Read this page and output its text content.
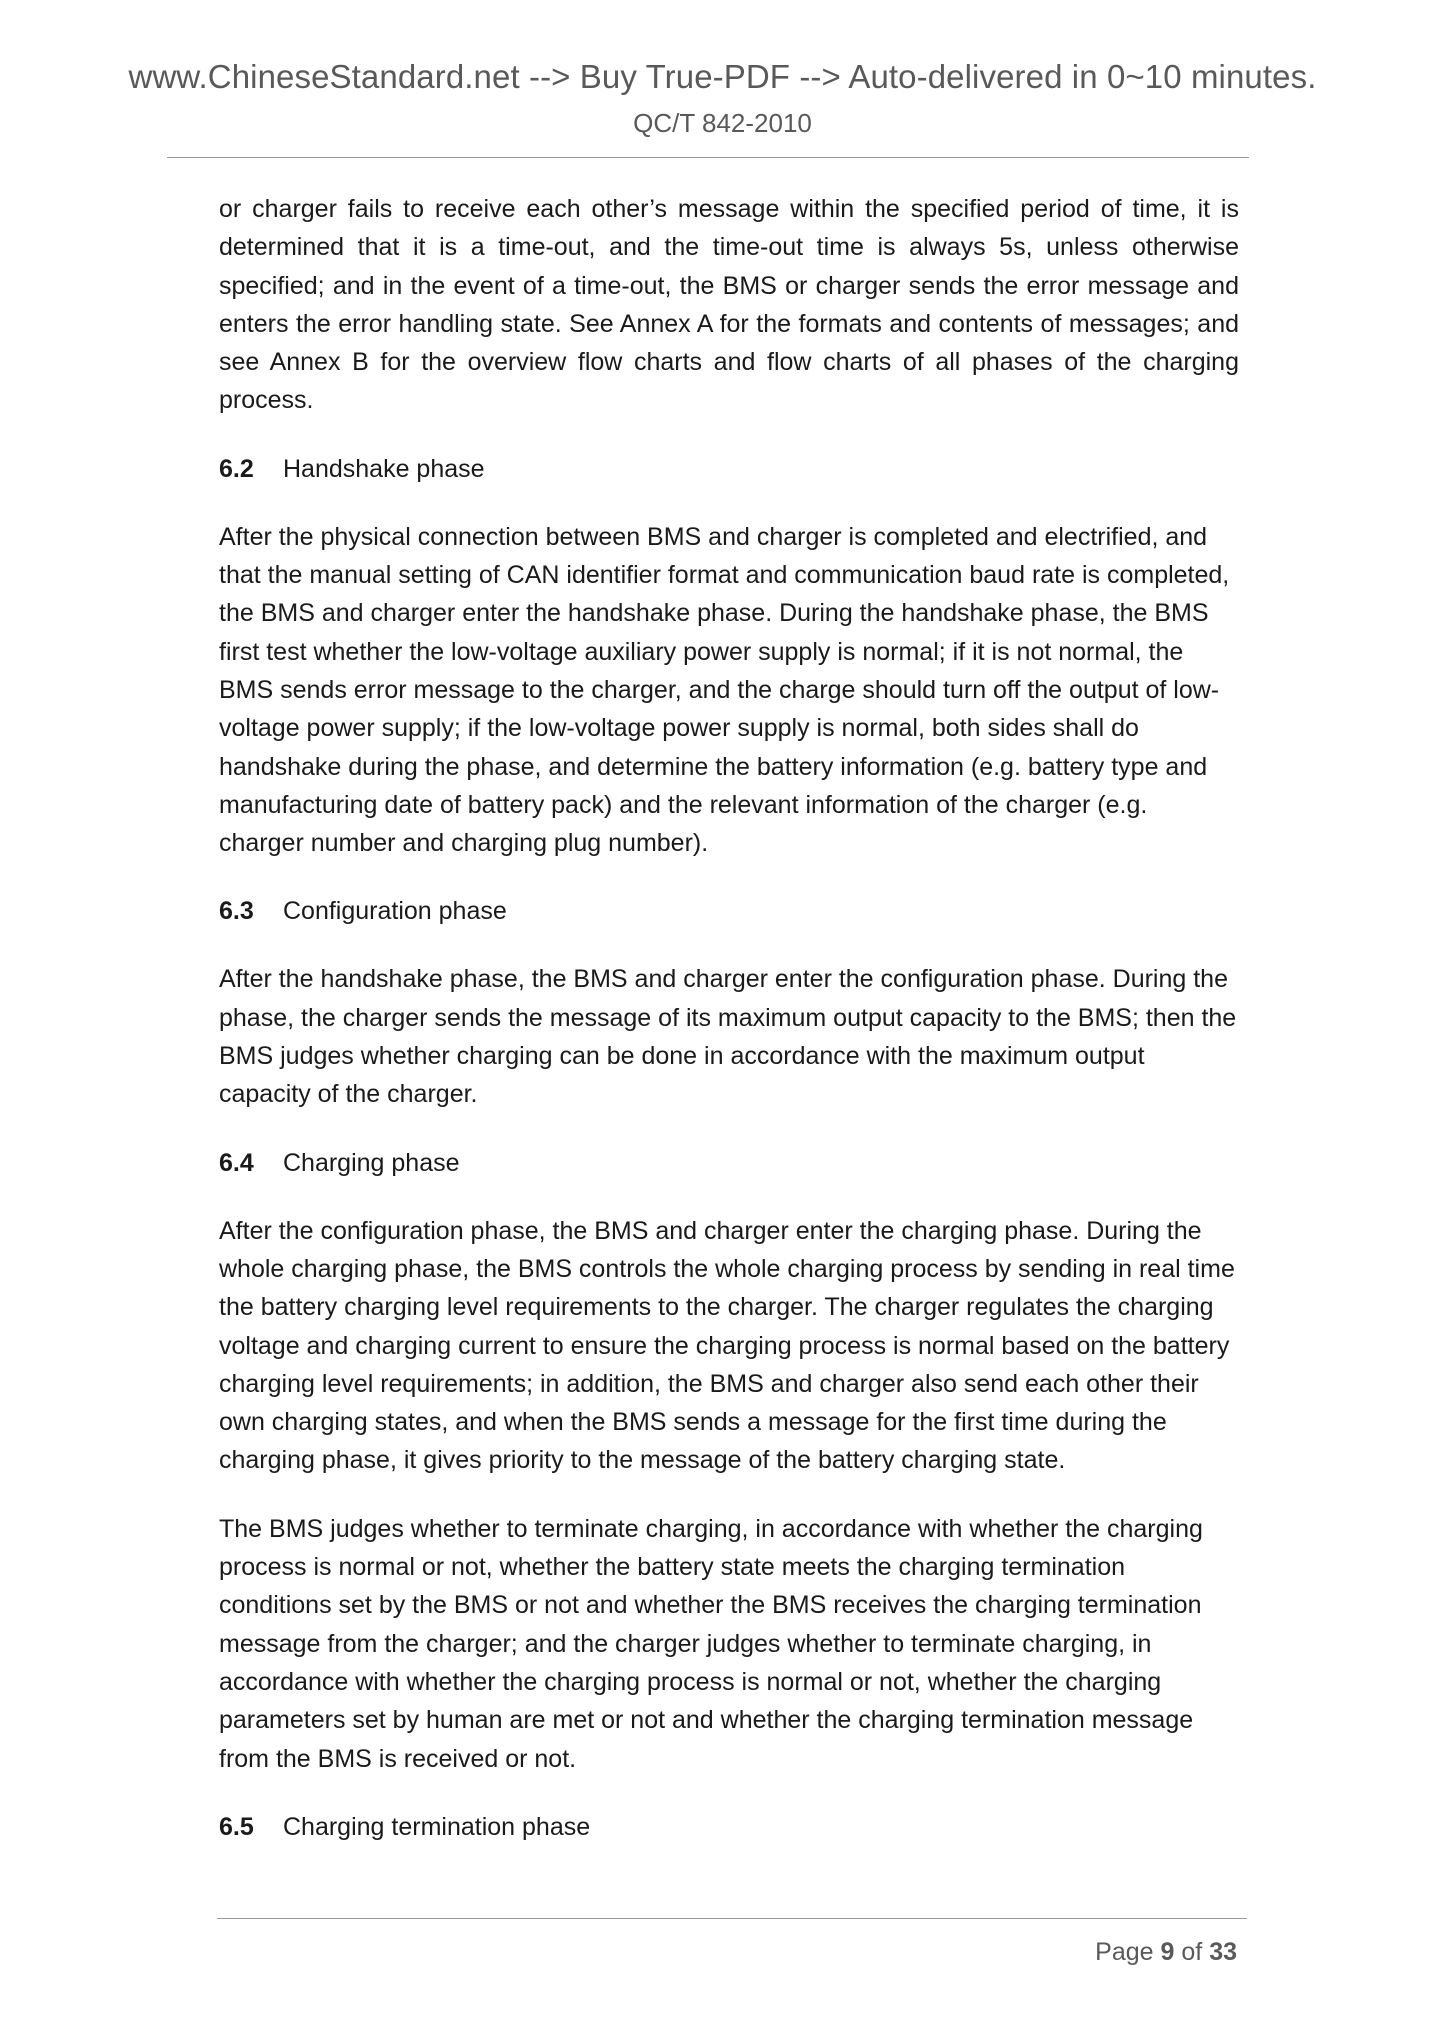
www.ChineseStandard.net --> Buy True-PDF --> Auto-delivered in 0~10 minutes.
QC/T 842-2010

or charger fails to receive each other’s message within the specified period of time, it is determined that it is a time-out, and the time-out time is always 5s, unless otherwise specified; and in the event of a time-out, the BMS or charger sends the error message and enters the error handling state. See Annex A for the formats and contents of messages; and see Annex B for the overview flow charts and flow charts of all phases of the charging process.

6.2 Handshake phase

After the physical connection between BMS and charger is completed and electrified, and that the manual setting of CAN identifier format and communication baud rate is completed, the BMS and charger enter the handshake phase. During the handshake phase, the BMS first test whether the low-voltage auxiliary power supply is normal; if it is not normal, the BMS sends error message to the charger, and the charge should turn off the output of low-voltage power supply; if the low-voltage power supply is normal, both sides shall do handshake during the phase, and determine the battery information (e.g. battery type and manufacturing date of battery pack) and the relevant information of the charger (e.g. charger number and charging plug number).

6.3 Configuration phase

After the handshake phase, the BMS and charger enter the configuration phase. During the phase, the charger sends the message of its maximum output capacity to the BMS; then the BMS judges whether charging can be done in accordance with the maximum output capacity of the charger.

6.4 Charging phase

After the configuration phase, the BMS and charger enter the charging phase. During the whole charging phase, the BMS controls the whole charging process by sending in real time the battery charging level requirements to the charger. The charger regulates the charging voltage and charging current to ensure the charging process is normal based on the battery charging level requirements; in addition, the BMS and charger also send each other their own charging states, and when the BMS sends a message for the first time during the charging phase, it gives priority to the message of the battery charging state.

The BMS judges whether to terminate charging, in accordance with whether the charging process is normal or not, whether the battery state meets the charging termination conditions set by the BMS or not and whether the BMS receives the charging termination message from the charger; and the charger judges whether to terminate charging, in accordance with whether the charging process is normal or not, whether the charging parameters set by human are met or not and whether the charging termination message from the BMS is received or not.

6.5 Charging termination phase

Page 9 of 33
